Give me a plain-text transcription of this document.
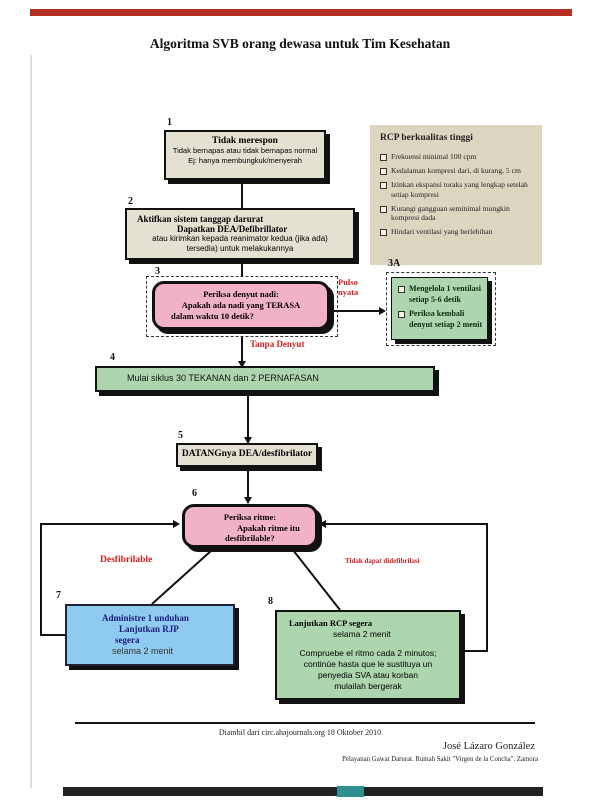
Algoritma SVB orang dewasa untuk Tim Kesehatan
RCP berkualitas tinggi
Frekuensi minimal 100 cpm
Kedalaman kompresi dari, di kurang, 5 cm
Izinkan ekspansi toraks yang lengkap setelah setiap kompresi
Kurangi gangguan seminimal mungkin kompresi dada
Hindari ventilasi yang berlebihan
1
2
3
3A
4
5
6
7
8
Tidak merespon
Tidak bernapas atau tidak bernapas normal
Ej: hanya membungkuk/menyerah
Aktifkan sistem tanggap darurat
Dapatkan DEA/Defibrillator
atau kirimkan kepada reanimator kedua (jika ada)
tersedia) untuk melakukannya
Periksa denyut nadi:
Apakah ada nadi yang TERASA
dalam waktu 10 detik?
Pulso
nyata	Mengelola 1 ventilasi setiap 5-6 detik
Periksa kembali denyut setiap 2 menit
Tanpa Denyut
Mulai siklus 30 TEKANAN dan 2 PERNAFASAN
DATANGnya DEA/desfibrilator
Periksa ritme:
Apakah ritme itu
desfibrilable?
Desfibrilable	Tidak dapat didefibrilasi
Administre 1 unduhan
Lanjutkan RJP
segera
selama 2 menit
Lanjutkan RCP segera
selama 2 menit
Compruebe el ritmo cada 2 minutos;
continúe hasta que le sustituya un
penyedia SVA atau korban
mulailah bergerak
Diambil dari circ.ahajournals.org 18 Oktober 2010
José Lázaro González
Pelayanan Gawat Darurat. Rumah Sakit "Virgen de la Concha". Zamora
